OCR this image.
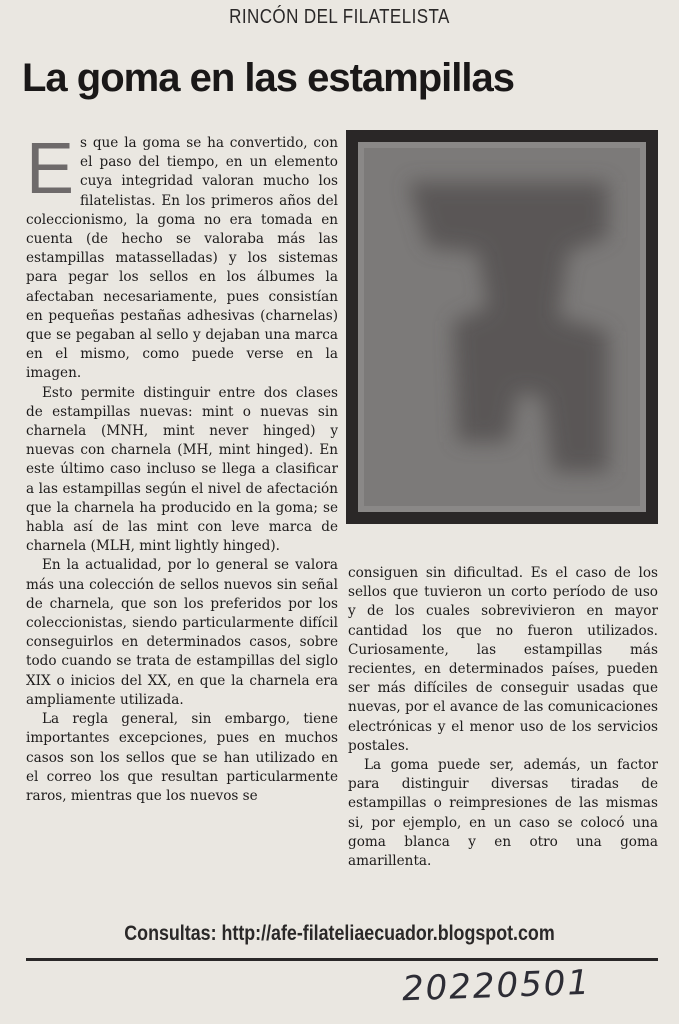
RINCÓN DEL FILATELISTA
La goma en las estampillas
E s que la goma se ha convertido, con el paso del tiempo, en un elemento cuya integridad valoran mucho los filatelistas. En los primeros años del coleccionismo, la goma no era tomada en cuenta (de hecho se valoraba más las estampillas matasselladas) y los sistemas para pegar los sellos en los álbumes la afectaban necesariamente, pues consistían en pequeñas pestañas adhesivas (charnelas) que se pegaban al sello y dejaban una marca en el mismo, como puede verse en la imagen.

Esto permite distinguir entre dos clases de estampillas nuevas: mint o nuevas sin charnela (MNH, mint never hinged) y nuevas con charnela (MH, mint hinged). En este último caso incluso se llega a clasificar a las estampillas según el nivel de afectación que la charnela ha producido en la goma; se habla así de las mint con leve marca de charnela (MLH, mint lightly hinged).

En la actualidad, por lo general se valora más una colección de sellos nuevos sin señal de charnela, que son los preferidos por los coleccionistas, siendo particularmente difícil conseguirlos en determinados casos, sobre todo cuando se trata de estampillas del siglo XIX o inicios del XX, en que la charnela era ampliamente utilizada.

La regla general, sin embargo, tiene importantes excepciones, pues en muchos casos son los sellos que se han utilizado en el correo los que resultan particularmente raros, mientras que los nuevos se

consiguen sin dificultad. Es el caso de los sellos que tuvieron un corto período de uso y de los cuales sobrevivieron en mayor cantidad los que no fueron utilizados. Curiosamente, las estampillas más recientes, en determinados países, pueden ser más difíciles de conseguir usadas que nuevas, por el avance de las comunicaciones electrónicas y el menor uso de los servicios postales.

La goma puede ser, además, un factor para distinguir diversas tiradas de estampillas o reimpresiones de las mismas si, por ejemplo, en un caso se colocó una goma blanca y en otro una goma amarillenta.

Consultas: http://afe-filateliaecuador.blogspot.com
20220501
